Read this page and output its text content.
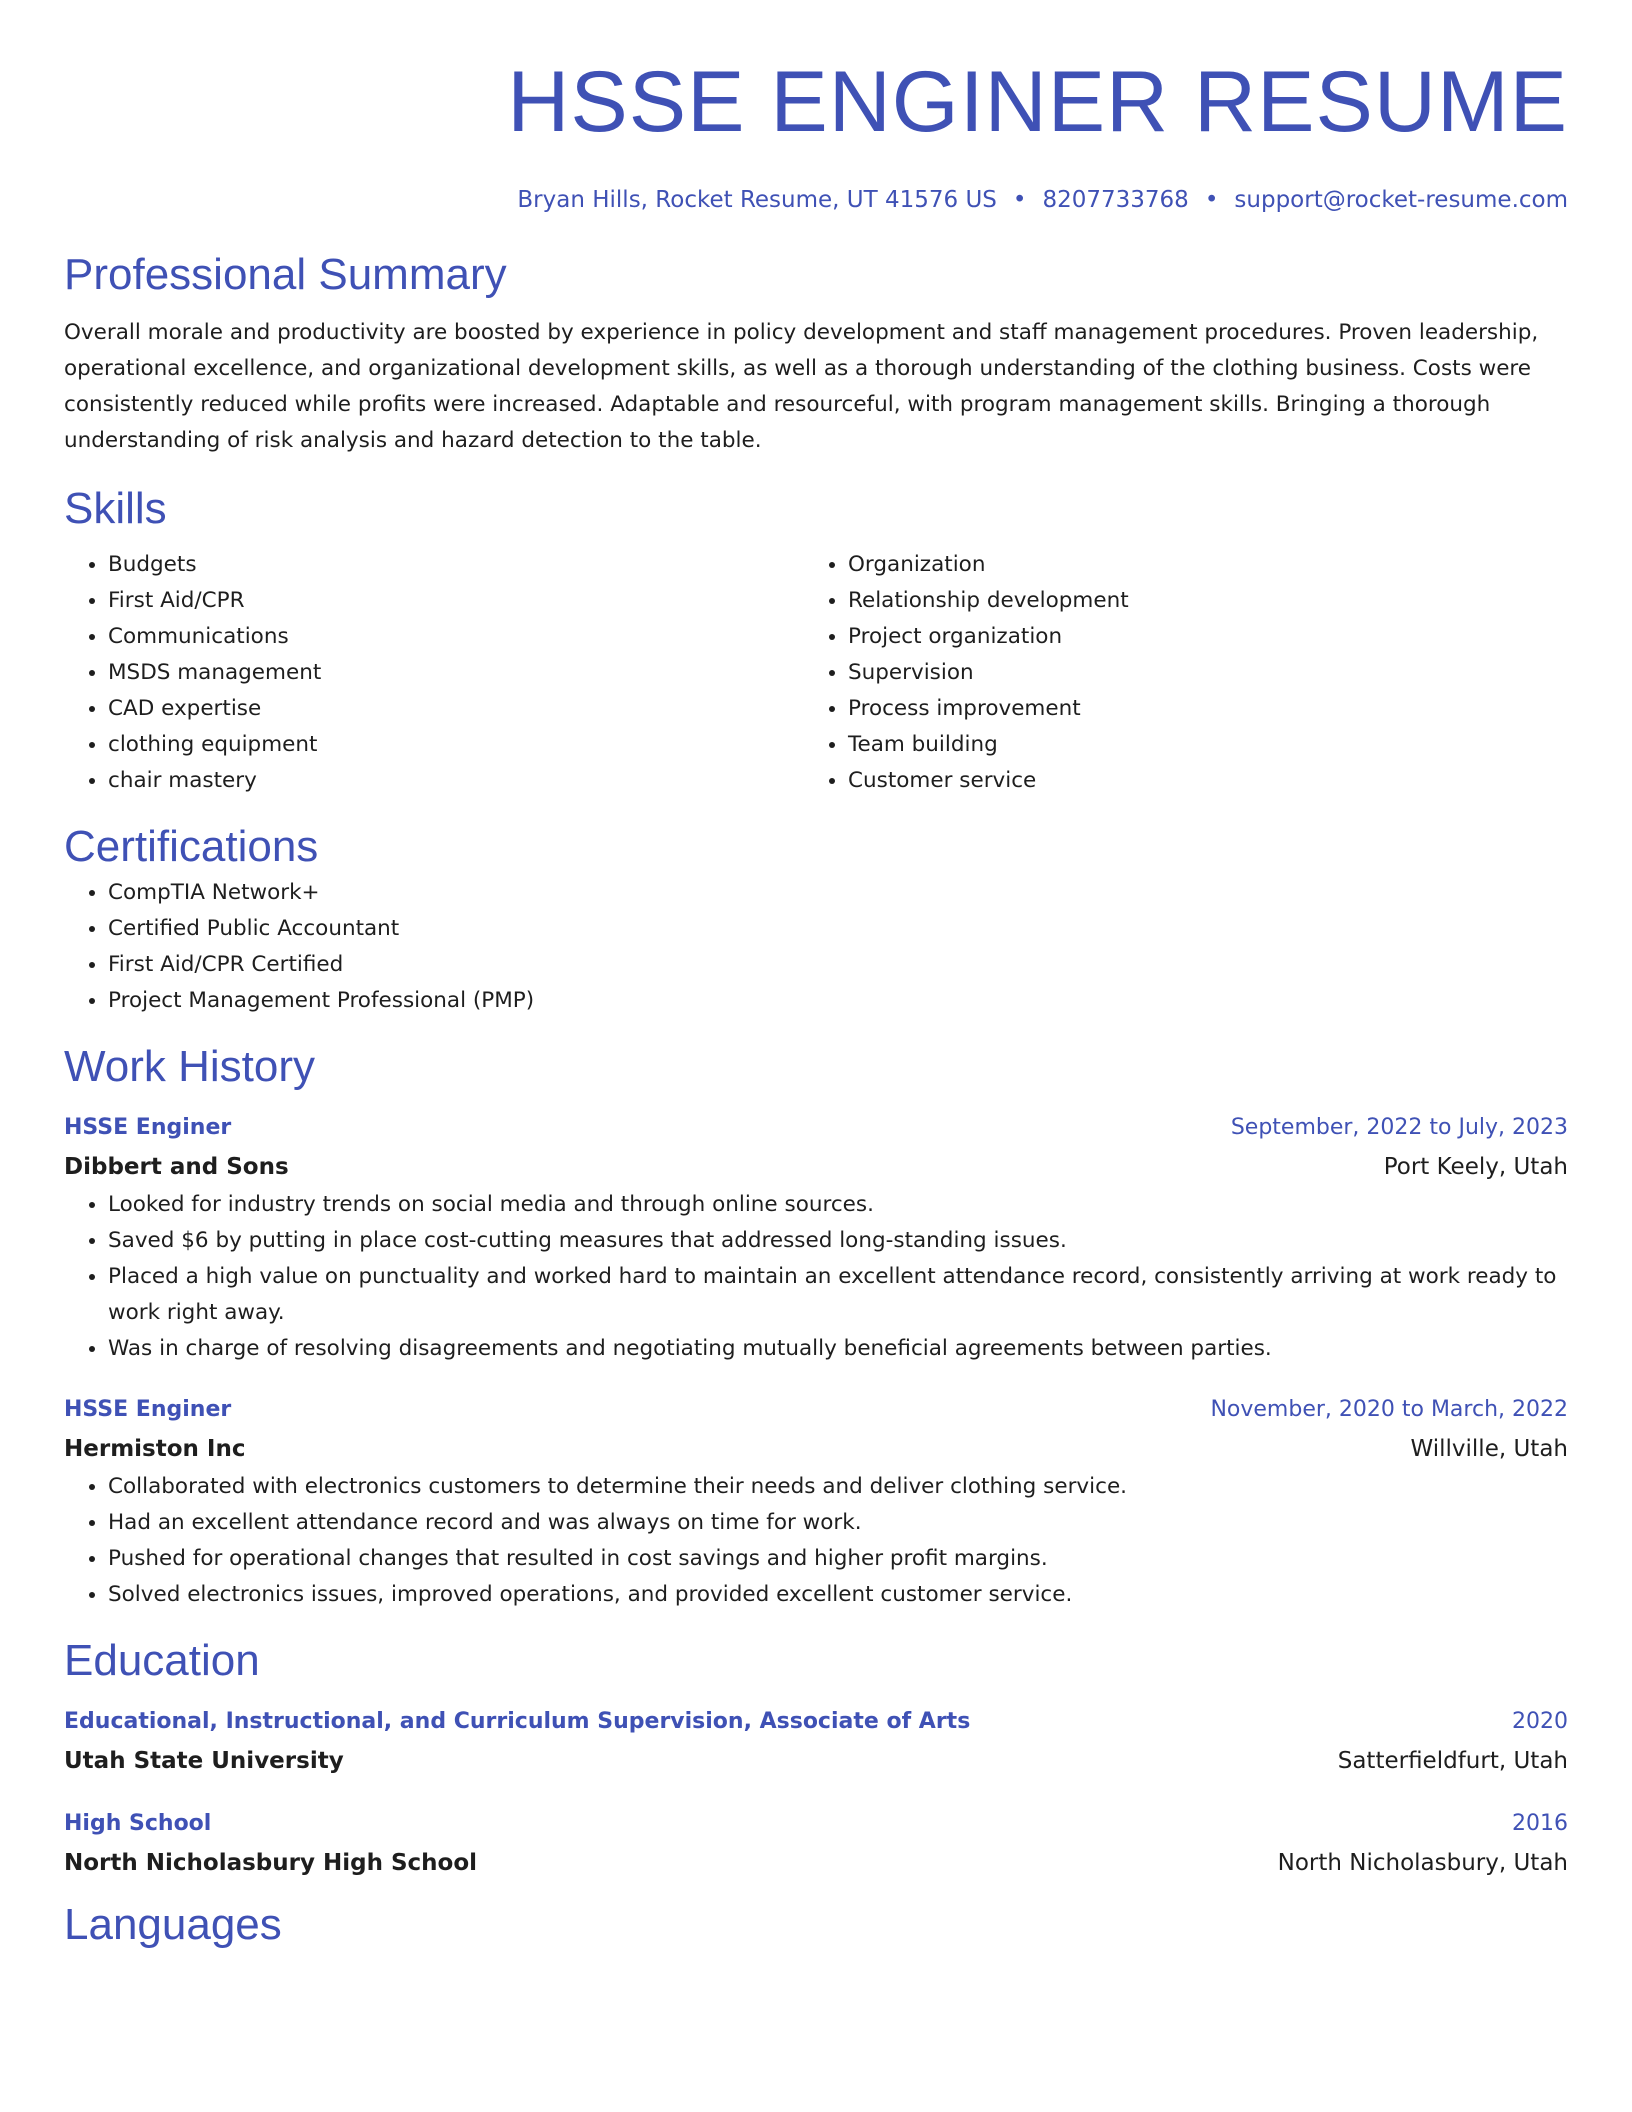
HSSE ENGINER RESUME
Bryan Hills, Rocket Resume, UT 41576 US • 8207733768 • support@rocket-resume.com
Professional Summary

Overall morale and productivity are boosted by experience in policy development and staff management procedures. Proven leadership, operational excellence, and organizational development skills, as well as a thorough understanding of the clothing business. Costs were consistently reduced while profits were increased. Adaptable and resourceful, with program management skills. Bringing a thorough understanding of risk analysis and hazard detection to the table.

Skills
• Budgets
• First Aid/CPR
• Communications
• MSDS management
• CAD expertise
• clothing equipment
• chair mastery
• Organization
• Relationship development
• Project organization
• Supervision
• Process improvement
• Team building
• Customer service
Certifications
• CompTIA Network+
• Certified Public Accountant
• First Aid/CPR Certified
• Project Management Professional (PMP)
Work History
HSSE Enginer	September, 2022 to July, 2023
Dibbert and Sons	Port Keely, Utah
• Looked for industry trends on social media and through online sources.
• Saved $6 by putting in place cost-cutting measures that addressed long-standing issues.
• Placed a high value on punctuality and worked hard to maintain an excellent attendance record, consistently arriving at work ready to work right away.
• Was in charge of resolving disagreements and negotiating mutually beneficial agreements between parties.
HSSE Enginer	November, 2020 to March, 2022
Hermiston Inc	Willville, Utah
• Collaborated with electronics customers to determine their needs and deliver clothing service.
• Had an excellent attendance record and was always on time for work.
• Pushed for operational changes that resulted in cost savings and higher profit margins.
• Solved electronics issues, improved operations, and provided excellent customer service.
Education
Educational, Instructional, and Curriculum Supervision, Associate of Arts	2020
Utah State University	Satterfieldfurt, Utah
High School	2016
North Nicholasbury High School	North Nicholasbury, Utah
Languages
